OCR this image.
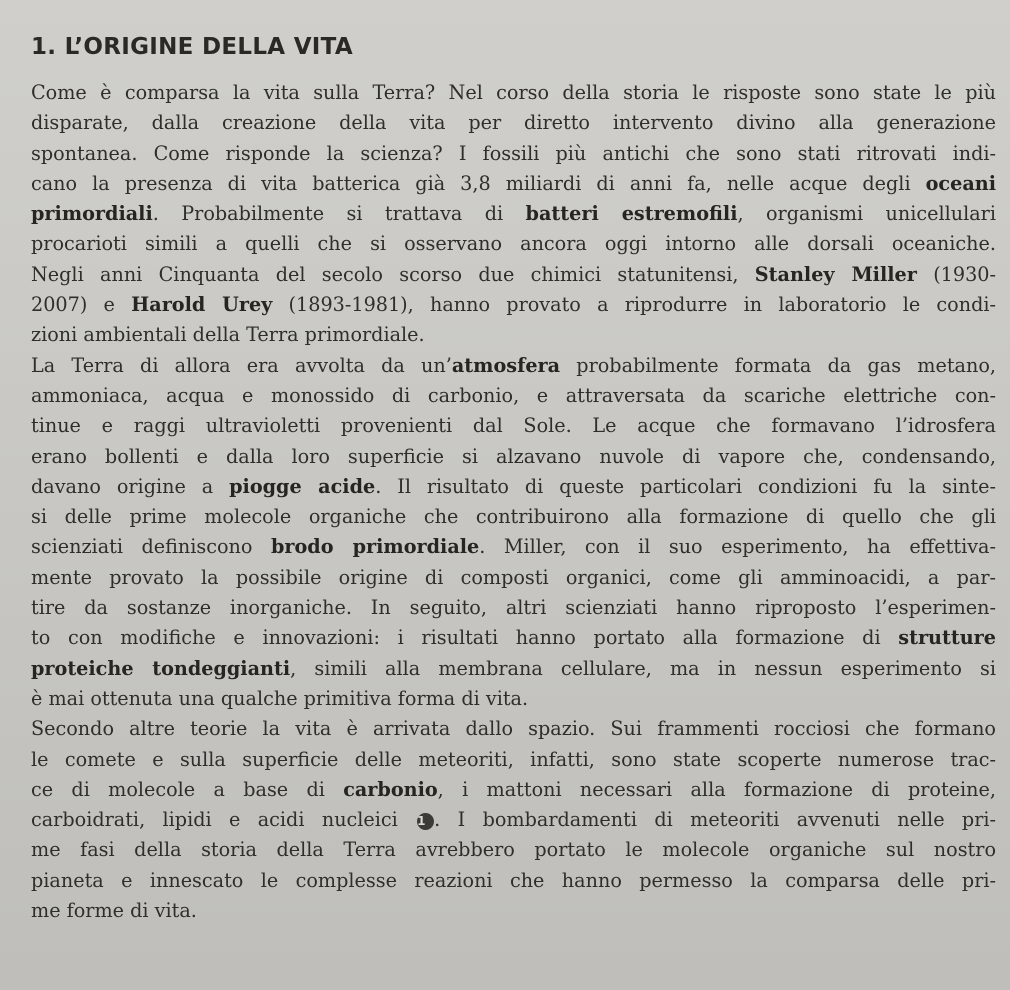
1. L’ORIGINE DELLA VITA
Come è comparsa la vita sulla Terra? Nel corso della storia le risposte sono state le più
disparate, dalla creazione della vita per diretto intervento divino alla generazione
spontanea. Come risponde la scienza? I fossili più antichi che sono stati ritrovati indi-
cano la presenza di vita batterica già 3,8 miliardi di anni fa, nelle acque degli oceani
primordiali. Probabilmente si trattava di batteri estremofili, organismi unicellulari
procarioti simili a quelli che si osservano ancora oggi intorno alle dorsali oceaniche.
Negli anni Cinquanta del secolo scorso due chimici statunitensi, Stanley Miller (1930-
2007) e Harold Urey (1893-1981), hanno provato a riprodurre in laboratorio le condi-
zioni ambientali della Terra primordiale.
La Terra di allora era avvolta da un’atmosfera probabilmente formata da gas metano,
ammoniaca, acqua e monossido di carbonio, e attraversata da scariche elettriche con-
tinue e raggi ultravioletti provenienti dal Sole. Le acque che formavano l’idrosfera
erano bollenti e dalla loro superficie si alzavano nuvole di vapore che, condensando,
davano origine a piogge acide. Il risultato di queste particolari condizioni fu la sinte-
si delle prime molecole organiche che contribuirono alla formazione di quello che gli
scienziati definiscono brodo primordiale. Miller, con il suo esperimento, ha effettiva-
mente provato la possibile origine di composti organici, come gli amminoacidi, a par-
tire da sostanze inorganiche. In seguito, altri scienziati hanno riproposto l’esperimen-
to con modifiche e innovazioni: i risultati hanno portato alla formazione di strutture
proteiche tondeggianti, simili alla membrana cellulare, ma in nessun esperimento si
è mai ottenuta una qualche primitiva forma di vita.
Secondo altre teorie la vita è arrivata dallo spazio. Sui frammenti rocciosi che formano
le comete e sulla superficie delle meteoriti, infatti, sono state scoperte numerose trac-
ce di molecole a base di carbonio, i mattoni necessari alla formazione di proteine,
carboidrati, lipidi e acidi nucleici 1 . I bombardamenti di meteoriti avvenuti nelle pri-
me fasi della storia della Terra avrebbero portato le molecole organiche sul nostro
pianeta e innescato le complesse reazioni che hanno permesso la comparsa delle pri-
me forme di vita.
